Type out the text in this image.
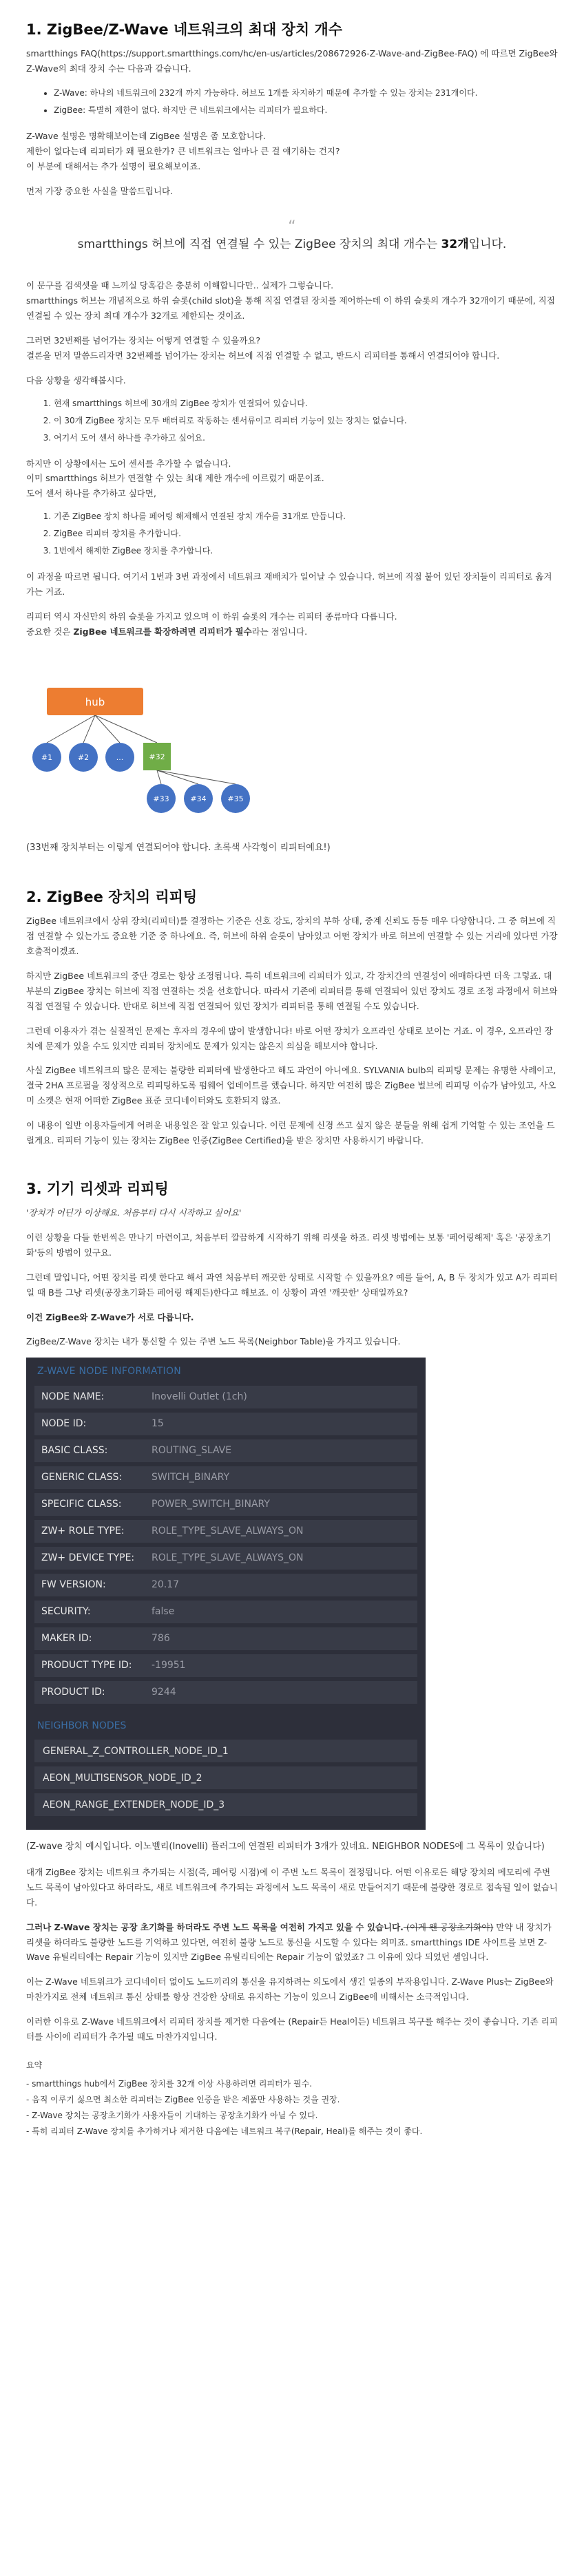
1. ZigBee/Z-Wave 네트워크의 최대 장치 개수

smartthings FAQ(https://support.smartthings.com/hc/en-us/articles/208672926-Z-Wave-and-ZigBee-FAQ) 에 따르면 ZigBee와 Z-Wave의 최대 장치 수는 다음과 같습니다.

• Z-Wave: 하나의 네트워크에 232개 까지 가능하다. 허브도 1개를 차지하기 때문에 추가할 수 있는 장치는 231개이다.
• ZigBee: 특별히 제한이 없다. 하지만 큰 네트워크에서는 리피터가 필요하다.

Z-Wave 설명은 명확해보이는데 ZigBee 설명은 좀 모호합니다.
제한이 없다는데 리피터가 왜 필요한가? 큰 네트워크는 얼마나 큰 걸 얘기하는 건지?
이 부분에 대해서는 추가 설명이 필요해보이죠.

먼저 가장 중요한 사실을 말씀드립니다.

“
smartthings 허브에 직접 연결될 수 있는 ZigBee 장치의 최대 개수는 32개입니다.

이 문구를 검색셋을 때 느끼실 당혹감은 충분히 이해합니다만.. 실제가 그렇습니다.
smartthings 허브는 개념적으로 하위 슬롯(child slot)을 통해 직접 연결된 장치를 제어하는데 이 하위 슬롯의 개수가 32개이기 때문에, 직접 연결될 수 있는 장치 최대 개수가 32개로 제한되는 것이죠.

그러면 32번째를 넘어가는 장치는 어떻게 연결할 수 있을까요?
결론을 먼저 말씀드리자면 32번째를 넘어가는 장치는 허브에 직접 연결할 수 없고, 반드시 리피터를 통해서 연결되어야 합니다.

다음 상황을 생각해봅시다.

1. 현재 smartthings 허브에 30개의 ZigBee 장치가 연결되어 있습니다.
2. 이 30개 ZigBee 장치는 모두 배터리로 작동하는 센서류이고 리피터 기능이 있는 장치는 없습니다.
3. 여기서 도어 센서 하나를 추가하고 싶어요.

하지만 이 상황에서는 도어 센서를 추가할 수 없습니다.
이미 smartthings 허브가 연결할 수 있는 최대 제한 개수에 이르렀기 때문이죠.
도어 센서 하나를 추가하고 싶다면,

1. 기존 ZigBee 장치 하나를 페어링 해제해서 연결된 장치 개수를 31개로 만듭니다.
2. ZigBee 리피터 장치를 추가합니다.
3. 1번에서 해제한 ZigBee 장치를 추가합니다.

이 과정을 따르면 됩니다. 여기서 1번과 3번 과정에서 네트워크 재배치가 일어날 수 있습니다. 허브에 직접 붙어 있던 장치들이 리피터로 옮겨가는 거죠.

리피터 역시 자신만의 하위 슬롯을 가지고 있으며 이 하위 슬롯의 개수는 리피터 종류마다 다릅니다.
중요한 것은 ZigBee 네트워크를 확장하려면 리피터가 필수라는 점입니다.

hub
#1	#2	...	#32
#33	#34	#35

(33번째 장치부터는 이렇게 연결되어야 합니다. 초록색 사각형이 리피터예요!)

2. ZigBee 장치의 리피팅

ZigBee 네트워크에서 상위 장치(리피터)를 결정하는 기준은 신호 강도, 장치의 부하 상태, 중계 신뢰도 등등 매우 다양합니다. 그 중 허브에 직접 연결할 수 있는가도 중요한 기준 중 하나에요. 즉, 허브에 하위 슬롯이 남아있고 어떤 장치가 바로 허브에 연결할 수 있는 거리에 있다면 가장 호출적이겠죠.

하지만 ZigBee 네트워크의 중단 경로는 항상 조정됩니다. 특히 네트워크에 리피터가 있고, 각 장치간의 연결성이 애매하다면 더욱 그렇죠. 대부분의 ZigBee 장치는 허브에 직접 연결하는 것을 선호합니다. 따라서 기존에 리피터를 통해 연결되어 있던 장치도 경로 조정 과정에서 허브와 직접 연결될 수 있습니다. 반대로 허브에 직접 연결되어 있던 장치가 리피터를 통해 연결될 수도 있습니다.

그런데 이용자가 겪는 실질적인 문제는 후자의 경우에 많이 발생합니다! 바로 어떤 장치가 오프라인 상태로 보이는 거죠. 이 경우, 오프라인 장치에 문제가 있을 수도 있지만 리피터 장치에도 문제가 있지는 않은지 의심을 해보셔야 합니다.

사실 ZigBee 네트워크의 많은 문제는 불량한 리피터에 발생한다고 해도 과언이 아니에요. SYLVANIA bulb의 리피팅 문제는 유명한 사례이고, 결국 2HA 프로필을 정상적으로 리피팅하도록 펌웨어 업데이트를 했습니다. 하지만 여전히 많은 ZigBee 벌브에 리피팅 이슈가 남아있고, 사오미 소켓은 현재 어떠한 ZigBee 표준 코디네이터와도 호환되지 않죠.

이 내용이 일반 이용자들에게 어려운 내용일은 잘 알고 있습니다. 이런 문제에 신경 쓰고 싶지 않은 분들을 위해 쉽게 기억할 수 있는 조언을 드릴게요. 리피터 기능이 있는 장치는 ZigBee 인증(ZigBee Certified)을 받은 장치만 사용하시기 바랍니다.

3. 기기 리셋과 리피팅

'장치가 어딘가 이상해요. 처음부터 다시 시작하고 싶어요'

이런 상황을 다들 한번씩은 만나기 마련이고, 처음부터 깔끔하게 시작하기 위해 리셋을 하죠. 리셋 방법에는 보통 '페어링해제' 혹은 '공장초기화'등의 방법이 있구요.

그런데 말입니다, 어떤 장치를 리셋 한다고 해서 과연 처음부터 깨끗한 상태로 시작할 수 있을까요? 예를 들어, A, B 두 장치가 있고 A가 리피터 일 때 B를 그냥 리셋(공장초기화든 페어링 해제든)한다고 해보죠. 이 상황이 과연 '깨끗한' 상태일까요?

이건 ZigBee와 Z-Wave가 서로 다릅니다.

ZigBee/Z-Wave 장치는 내가 통신할 수 있는 주변 노드 목록(Neighbor Table)을 가지고 있습니다.

Z-WAVE NODE INFORMATION
NODE NAME:	Inovelli Outlet (1ch)
NODE ID:	15
BASIC CLASS:	ROUTING_SLAVE
GENERIC CLASS:	SWITCH_BINARY
SPECIFIC CLASS:	POWER_SWITCH_BINARY
ZW+ ROLE TYPE:	ROLE_TYPE_SLAVE_ALWAYS_ON
ZW+ DEVICE TYPE:	ROLE_TYPE_SLAVE_ALWAYS_ON
FW VERSION:	20.17
SECURITY:	false
MAKER ID:	786
PRODUCT TYPE ID:	-19951
PRODUCT ID:	9244
NEIGHBOR NODES
GENERAL_Z_CONTROLLER_NODE_ID_1
AEON_MULTISENSOR_NODE_ID_2
AEON_RANGE_EXTENDER_NODE_ID_3

(Z-wave 장치 예시입니다. 이노벨리(Inovelli) 플러그에 연결된 리피터가 3개가 있네요. NEIGHBOR NODES에 그 목록이 있습니다)

대개 ZigBee 장치는 네트워크 추가되는 시점(즉, 페어링 시점)에 이 주변 노드 목록이 결정됩니다. 어떤 이유로든 해당 장치의 메모리에 주변 노드 목록이 남아있다고 하더라도, 새로 네트워크에 추가되는 과정에서 노드 목록이 새로 만들어지기 때문에 불량한 경로로 접속될 일이 없습니다.

그러나 Z-Wave 장치는 공장 초기화를 하더라도 주변 노드 목록을 여전히 가지고 있을 수 있습니다. (이게 왠 공장초기화야) 만약 내 장치가 리셋을 하더라도 불량한 노드를 기억하고 있다면, 여전히 불량 노드로 통신을 시도할 수 있다는 의미죠. smartthings IDE 사이트를 보면 Z-Wave 유틸리티에는 Repair 기능이 있지만 ZigBee 유틸리티에는 Repair 기능이 없었죠? 그 이유에 있다 되었던 셈입니다.

이는 Z-Wave 네트워크가 코디네이터 없이도 노드끼리의 통신을 유지하려는 의도에서 생긴 일종의 부작용입니다. Z-Wave Plus는 ZigBee와 마찬가지로 전체 네트워크 통신 상태를 항상 건강한 상태로 유지하는 기능이 있으니 ZigBee에 비해서는 소극적입니다.

이러한 이유로 Z-Wave 네트워크에서 리피터 장치를 제거한 다음에는 (Repair든 Heal이든) 네트워크 복구를 해주는 것이 좋습니다. 기존 리피터를 사이에 리피터가 추가될 때도 마찬가지입니다.

요약
- smartthings hub에서 ZigBee 장치를 32개 이상 사용하려면 리피터가 필수.
- 음직 이루기 싫으면 최소한 리피터는 ZigBee 인증을 받은 제품만 사용하는 것을 권장.
- Z-Wave 장치는 공장초기화가 사용자들이 기대하는 공장초기화가 아닐 수 있다.
- 특히 리피터 Z-Wave 장치를 추가하거나 제거한 다음에는 네트워크 복구(Repair, Heal)를 해주는 것이 좋다.
